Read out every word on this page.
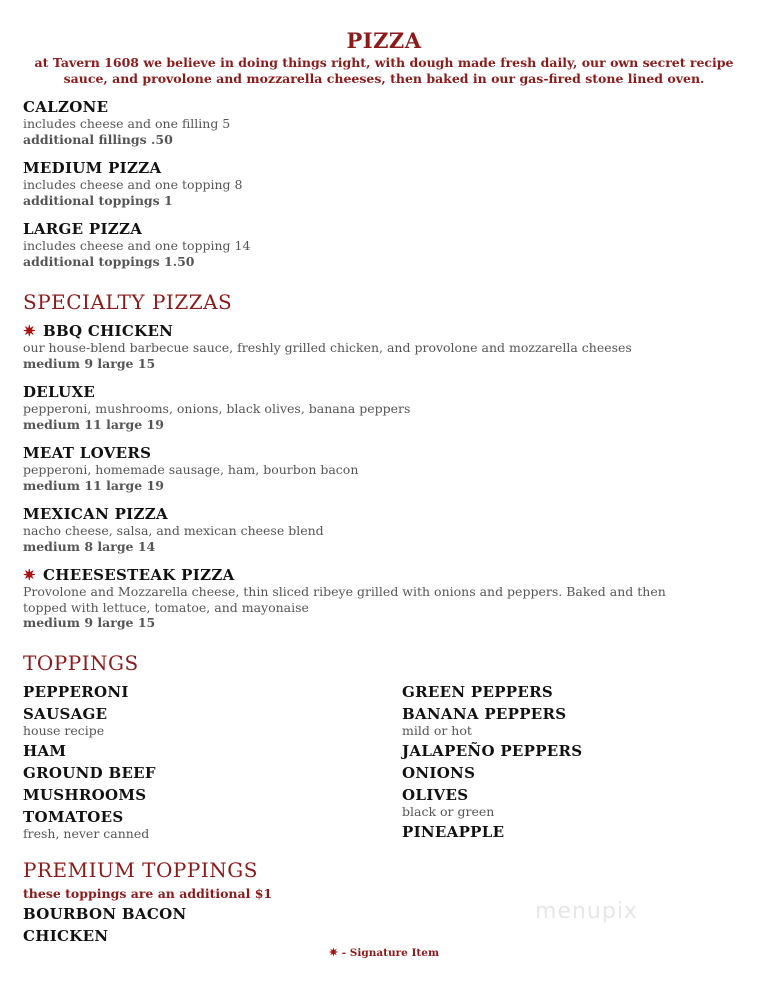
PIZZA
at Tavern 1608 we believe in doing things right, with dough made fresh daily, our own secret recipe
sauce, and provolone and mozzarella cheeses, then baked in our gas-fired stone lined oven.
CALZONE
includes cheese and one filling 5
additional fillings .50
MEDIUM PIZZA
includes cheese and one topping 8
additional toppings 1
LARGE PIZZA
includes cheese and one topping 14
additional toppings 1.50
SPECIALTY PIZZAS
✷ BBQ CHICKEN
our house-blend barbecue sauce, freshly grilled chicken, and provolone and mozzarella cheeses
medium 9 large 15
DELUXE
pepperoni, mushrooms, onions, black olives, banana peppers
medium 11 large 19
MEAT LOVERS
pepperoni, homemade sausage, ham, bourbon bacon
medium 11 large 19
MEXICAN PIZZA
nacho cheese, salsa, and mexican cheese blend
medium 8 large 14
✷ CHEESESTEAK PIZZA
Provolone and Mozzarella cheese, thin sliced ribeye grilled with onions and peppers. Baked and then
topped with lettuce, tomatoe, and mayonaise
medium 9 large 15
TOPPINGS
PEPPERONI
SAUSAGE
house recipe
HAM
GROUND BEEF
MUSHROOMS
TOMATOES
fresh, never canned
GREEN PEPPERS
BANANA PEPPERS
mild or hot
JALAPEÑO PEPPERS
ONIONS
OLIVES
black or green
PINEAPPLE
PREMIUM TOPPINGS
these toppings are an additional $1
BOURBON BACON
CHICKEN
✷ - Signature Item
menupix
